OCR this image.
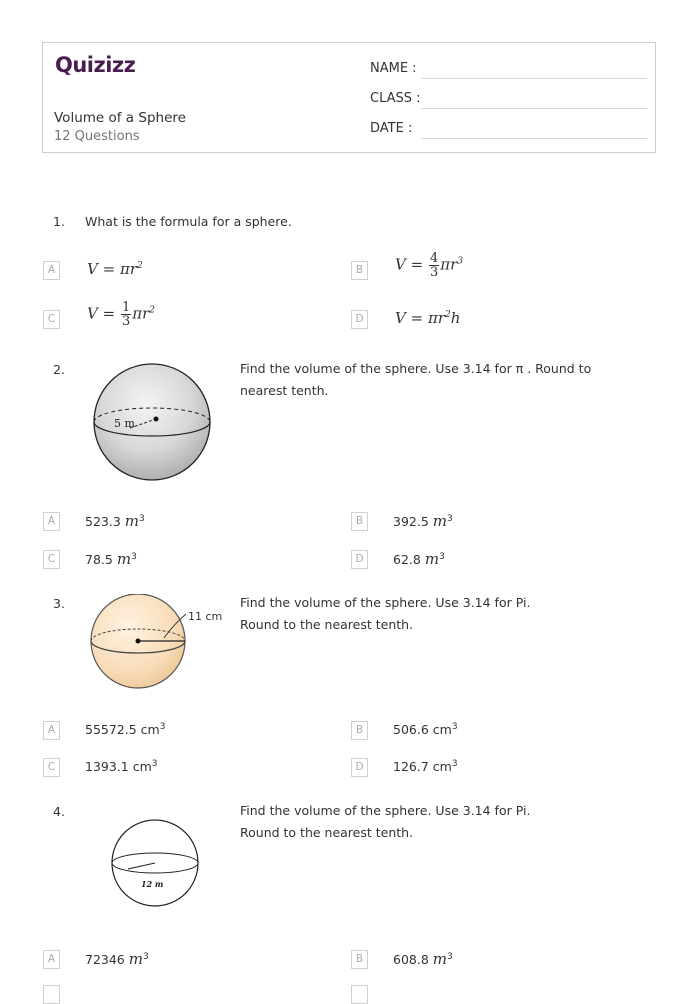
Quizizz
Volume of a Sphere
12 Questions
NAME :
CLASS :
DATE :
1. What is the formula for a sphere.
A	$V = \pi r^2$	B	$V = \frac{4}{3} \pi r^3$
C	$V = \frac{1}{3} \pi r^2$
D $V = \pi r^2h$
2.	Find the volume of the sphere. Use 3.14 for π . Round to nearest tenth.
5 m
A	523.3 $m^3$	B	392.5 $m^3$
C	78.5 $m^3$	D	62.8 $m^3$
3.	Find the volume of the sphere. Use 3.14 for Pi. Round to the nearest tenth.
11 cm
A	55572.5 $cm^3$	B	506.6 $cm^3$
C	1393.1 $cm^3$	D	126.7 $cm^3$
4.	Find the volume of the sphere. Use 3.14 for Pi. Round to the nearest tenth.
12 m
A	72346 $m^3$	B	608.8 $m^3$
